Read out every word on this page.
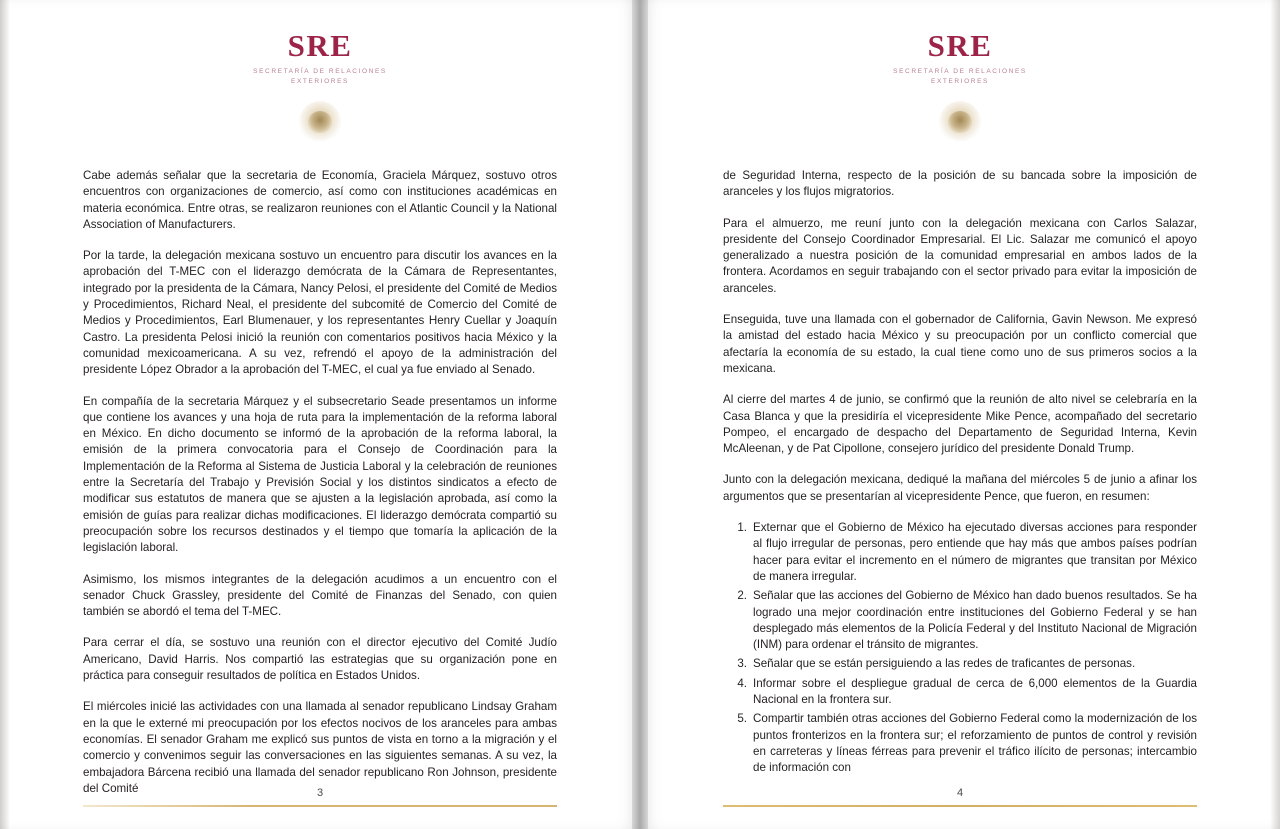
SRE
SECRETARÍA DE RELACIONES
EXTERIORES

Cabe además señalar que la secretaria de Economía, Graciela Márquez, sostuvo otros encuentros con organizaciones de comercio, así como con instituciones académicas en materia económica. Entre otras, se realizaron reuniones con el Atlantic Council y la National Association of Manufacturers.

Por la tarde, la delegación mexicana sostuvo un encuentro para discutir los avances en la aprobación del T-MEC con el liderazgo demócrata de la Cámara de Representantes, integrado por la presidenta de la Cámara, Nancy Pelosi, el presidente del Comité de Medios y Procedimientos, Richard Neal, el presidente del subcomité de Comercio del Comité de Medios y Procedimientos, Earl Blumenauer, y los representantes Henry Cuellar y Joaquín Castro. La presidenta Pelosi inició la reunión con comentarios positivos hacia México y la comunidad mexicoamericana. A su vez, refrendó el apoyo de la administración del presidente López Obrador a la aprobación del T-MEC, el cual ya fue enviado al Senado.

En compañía de la secretaria Márquez y el subsecretario Seade presentamos un informe que contiene los avances y una hoja de ruta para la implementación de la reforma laboral en México. En dicho documento se informó de la aprobación de la reforma laboral, la emisión de la primera convocatoria para el Consejo de Coordinación para la Implementación de la Reforma al Sistema de Justicia Laboral y la celebración de reuniones entre la Secretaría del Trabajo y Previsión Social y los distintos sindicatos a efecto de modificar sus estatutos de manera que se ajusten a la legislación aprobada, así como la emisión de guías para realizar dichas modificaciones. El liderazgo demócrata compartió su preocupación sobre los recursos destinados y el tiempo que tomaría la aplicación de la legislación laboral.

Asimismo, los mismos integrantes de la delegación acudimos a un encuentro con el senador Chuck Grassley, presidente del Comité de Finanzas del Senado, con quien también se abordó el tema del T-MEC.

Para cerrar el día, se sostuvo una reunión con el director ejecutivo del Comité Judío Americano, David Harris. Nos compartió las estrategias que su organización pone en práctica para conseguir resultados de política en Estados Unidos.

El miércoles inicié las actividades con una llamada al senador republicano Lindsay Graham en la que le externé mi preocupación por los efectos nocivos de los aranceles para ambas economías. El senador Graham me explicó sus puntos de vista en torno a la migración y el comercio y convenimos seguir las conversaciones en las siguientes semanas. A su vez, la embajadora Bárcena recibió una llamada del senador republicano Ron Johnson, presidente del Comité	3
SRE
SECRETARÍA DE RELACIONES
EXTERIORES

de Seguridad Interna, respecto de la posición de su bancada sobre la imposición de aranceles y los flujos migratorios.

Para el almuerzo, me reuní junto con la delegación mexicana con Carlos Salazar, presidente del Consejo Coordinador Empresarial. El Lic. Salazar me comunicó el apoyo generalizado a nuestra posición de la comunidad empresarial en ambos lados de la frontera. Acordamos en seguir trabajando con el sector privado para evitar la imposición de aranceles.

Enseguida, tuve una llamada con el gobernador de California, Gavin Newson. Me expresó la amistad del estado hacia México y su preocupación por un conflicto comercial que afectaría la economía de su estado, la cual tiene como uno de sus primeros socios a la mexicana.

Al cierre del martes 4 de junio, se confirmó que la reunión de alto nivel se celebraría en la Casa Blanca y que la presidiría el vicepresidente Mike Pence, acompañado del secretario Pompeo, el encargado de despacho del Departamento de Seguridad Interna, Kevin McAleenan, y de Pat Cipollone, consejero jurídico del presidente Donald Trump.

Junto con la delegación mexicana, dediqué la mañana del miércoles 5 de junio a afinar los argumentos que se presentarían al vicepresidente Pence, que fueron, en resumen:

Externar que el Gobierno de México ha ejecutado diversas acciones para responder al flujo irregular de personas, pero entiende que hay más que ambos países podrían hacer para evitar el incremento en el número de migrantes que transitan por México de manera irregular.
Señalar que las acciones del Gobierno de México han dado buenos resultados. Se ha logrado una mejor coordinación entre instituciones del Gobierno Federal y se han desplegado más elementos de la Policía Federal y del Instituto Nacional de Migración (INM) para ordenar el tránsito de migrantes.
Señalar que se están persiguiendo a las redes de traficantes de personas.
Informar sobre el despliegue gradual de cerca de 6,000 elementos de la Guardia Nacional en la frontera sur.
Compartir también otras acciones del Gobierno Federal como la modernización de los puntos fronterizos en la frontera sur; el reforzamiento de puntos de control y revisión en carreteras y líneas férreas para prevenir el tráfico ilícito de personas; intercambio de información con
4
